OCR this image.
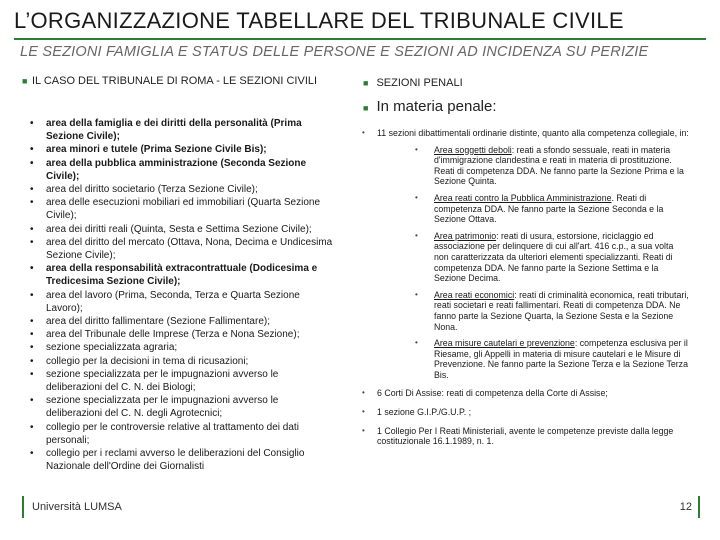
L’ORGANIZZAZIONE TABELLARE DEL TRIBUNALE CIVILE
LE SEZIONI FAMIGLIA E STATUS DELLE PERSONE E SEZIONI AD INCIDENZA SU PERIZIE
■ IL CASO DEL TRIBUNALE DI ROMA - LE SEZIONI CIVILI
• area della famiglia e dei diritti della personalità (Prima Sezione Civile);
• area minori e tutele (Prima Sezione Civile Bis);
• area della pubblica amministrazione (Seconda Sezione Civile);
• area del diritto societario (Terza Sezione Civile);
• area delle esecuzioni mobiliari ed immobiliari (Quarta Sezione Civile);
• area dei diritti reali (Quinta, Sesta e Settima Sezione Civile);
• area del diritto del mercato (Ottava, Nona, Decima e Undicesima Sezione Civile);
• area della responsabilità extracontrattuale (Dodicesima e Tredicesima Sezione Civile);
• area del lavoro (Prima, Seconda, Terza e Quarta Sezione Lavoro);
• area del diritto fallimentare (Sezione Fallimentare);
• area del Tribunale delle Imprese (Terza e Nona Sezione);
• sezione specializzata agraria;
• collegio per la decisioni in tema di ricusazioni;
• sezione specializzata per le impugnazioni avverso le deliberazioni del C. N. dei Biologi;
• sezione specializzata per le impugnazioni avverso le deliberazioni del C. N. degli Agrotecnici;
• collegio per le controversie relative al trattamento dei dati personali;
• collegio per i reclami avverso le deliberazioni del Consiglio Nazionale dell'Ordine dei Giornalisti
■ SEZIONI PENALI
■ In materia penale:
• 11 sezioni dibattimentali ordinarie distinte, quanto alla competenza collegiale, in:
• Area soggetti deboli: reati a sfondo sessuale, reati in materia d'immigrazione clandestina e reati in materia di prostituzione. Reati di competenza DDA. Ne fanno parte la Sezione Prima e la Sezione Quinta.
• Area reati contro la Pubblica Amministrazione. Reati di competenza DDA. Ne fanno parte la Sezione Seconda e la Sezione Ottava.
• Area patrimonio: reati di usura, estorsione, riciclaggio ed associazione per delinquere di cui all'art. 416 c.p., a sua volta non caratterizzata da ulteriori elementi specializzanti. Reati di competenza DDA. Ne fanno parte la Sezione Settima e la Sezione Decima.
• Area reati economici: reati di criminalità economica, reati tributari, reati societari e reati fallimentari. Reati di competenza DDA. Ne fanno parte la Sezione Quarta, la Sezione Sesta e la Sezione Nona.
• Area misure cautelari e prevenzione: competenza esclusiva per il Riesame, gli Appelli in materia di misure cautelari e le Misure di Prevenzione. Ne fanno parte la Sezione Terza e la Sezione Terza Bis.
• 6 Corti Di Assise: reati di competenza della Corte di Assise;
• 1 sezione G.I.P./G.U.P. ;
• 1 Collegio Per I Reati Ministeriali, avente le competenze previste dalla legge costituzionale 16.1.1989, n. 1.
Università LUMSA	12
